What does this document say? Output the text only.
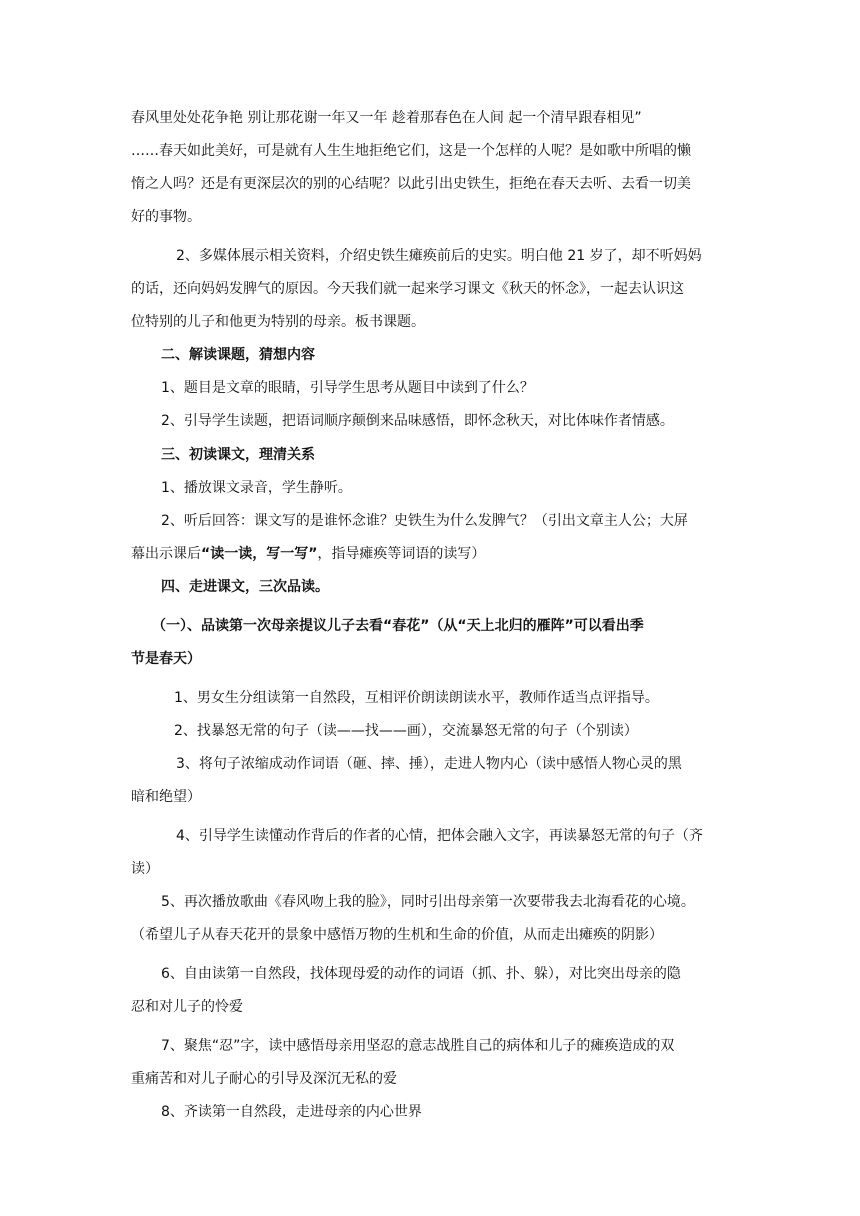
春风里处处花争艳 别让那花谢一年又一年 趁着那春色在人间 起一个清早跟春相见”
……春天如此美好，可是就有人生生地拒绝它们，这是一个怎样的人呢？是如歌中所唱的懒
惰之人吗？还是有更深层次的别的心结呢？以此引出史铁生，拒绝在春天去听、去看一切美
好的事物。
2、多媒体展示相关资料，介绍史铁生瘫痪前后的史实。明白他 21 岁了，却不听妈妈
的话，还向妈妈发脾气的原因。今天我们就一起来学习课文《秋天的怀念》，一起去认识这
位特别的儿子和他更为特别的母亲。板书课题。
二、解读课题，猜想内容
1、题目是文章的眼睛，引导学生思考从题目中读到了什么？
2、引导学生读题，把语词顺序颠倒来品味感悟，即怀念秋天，对比体味作者情感。
三、初读课文，理清关系
1、播放课文录音，学生静听。
2、听后回答：课文写的是谁怀念谁？史铁生为什么发脾气？（引出文章主人公；大屏
幕出示课后“读一读，写一写”，指导瘫痪等词语的读写）
四、走进课文，三次品读。
（一）、品读第一次母亲提议儿子去看“春花”（从“天上北归的雁阵”可以看出季
节是春天）
1、男女生分组读第一自然段，互相评价朗读朗读水平，教师作适当点评指导。
2、找暴怒无常的句子（读——找——画），交流暴怒无常的句子（个别读）
3、将句子浓缩成动作词语（砸、摔、捶），走进人物内心（读中感悟人物心灵的黑
暗和绝望）
4、引导学生读懂动作背后的作者的心情，把体会融入文字，再读暴怒无常的句子（齐
读）
5、再次播放歌曲《春风吻上我的脸》，同时引出母亲第一次要带我去北海看花的心境。
（希望儿子从春天花开的景象中感悟万物的生机和生命的价值，从而走出瘫痪的阴影）
6、自由读第一自然段，找体现母爱的动作的词语（抓、扑、躲），对比突出母亲的隐
忍和对儿子的怜爱
7、聚焦“忍”字，读中感悟母亲用坚忍的意志战胜自己的病体和儿子的瘫痪造成的双
重痛苦和对儿子耐心的引导及深沉无私的爱
8、齐读第一自然段，走进母亲的内心世界
